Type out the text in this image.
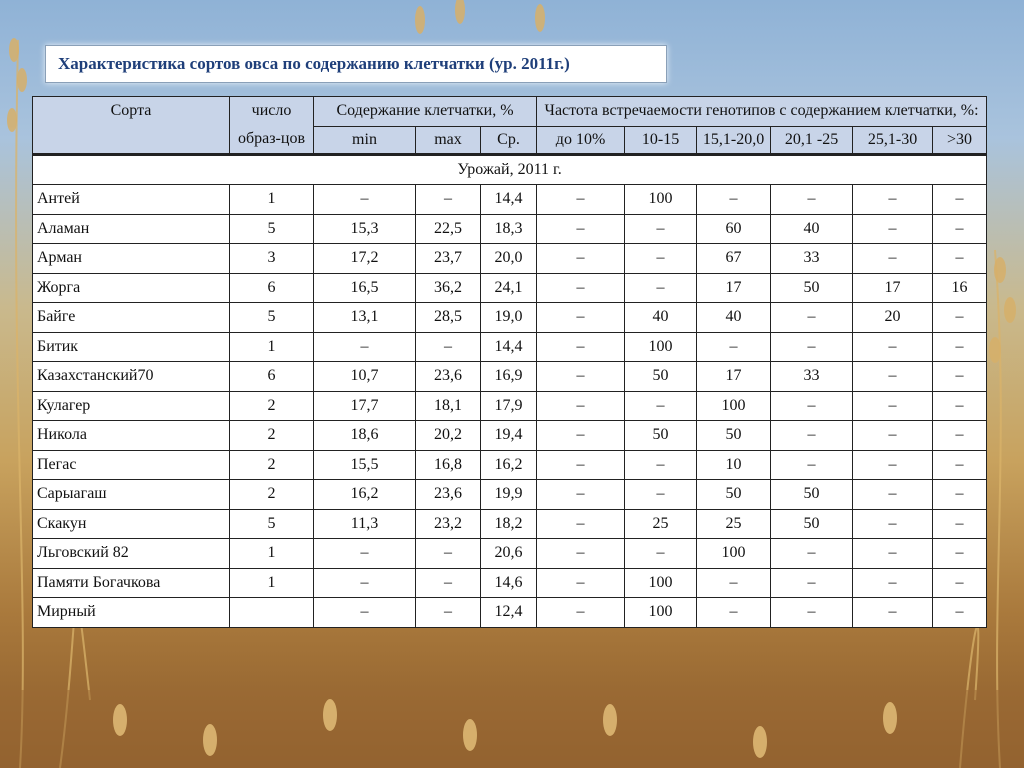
Характеристика сортов овса по содержанию клетчатки (ур. 2011г.)
Сорта	число образ-цов	Содержание клетчатки, %			Частота встречаемости генотипов с содержанием клетчатки, %:					
		min	max	Ср.	до 10%	10-15	15,1-20,0	20,1 -25	25,1-30	>30
Урожай, 2011 г.										
Антей	1	–	–	14,4	–	100	–	–	–	–
Аламан	5	15,3	22,5	18,3	–	–	60	40	–	–
Арман	3	17,2	23,7	20,0	–	–	67	33	–	–
Жорга	6	16,5	36,2	24,1	–	–	17	50	17	16
Байге	5	13,1	28,5	19,0	–	40	40	–	20	–
Битик	1	–	–	14,4	–	100	–	–	–	–
Казахстанский70	6	10,7	23,6	16,9	–	50	17	33	–	–
Кулагер	2	17,7	18,1	17,9	–	–	100	–	–	–
Никола	2	18,6	20,2	19,4	–	50	50	–	–	–
Пегас	2	15,5	16,8	16,2	–	–	10	–	–	–
Сарыагаш	2	16,2	23,6	19,9	–	–	50	50	–	–
Скакун	5	11,3	23,2	18,2	–	25	25	50	–	–
Льговский 82	1	–	–	20,6	–	–	100	–	–	–
Памяти Богачкова	1	–	–	14,6	–	100	–	–	–	–
Мирный		–	–	12,4	–	100	–	–	–	–
